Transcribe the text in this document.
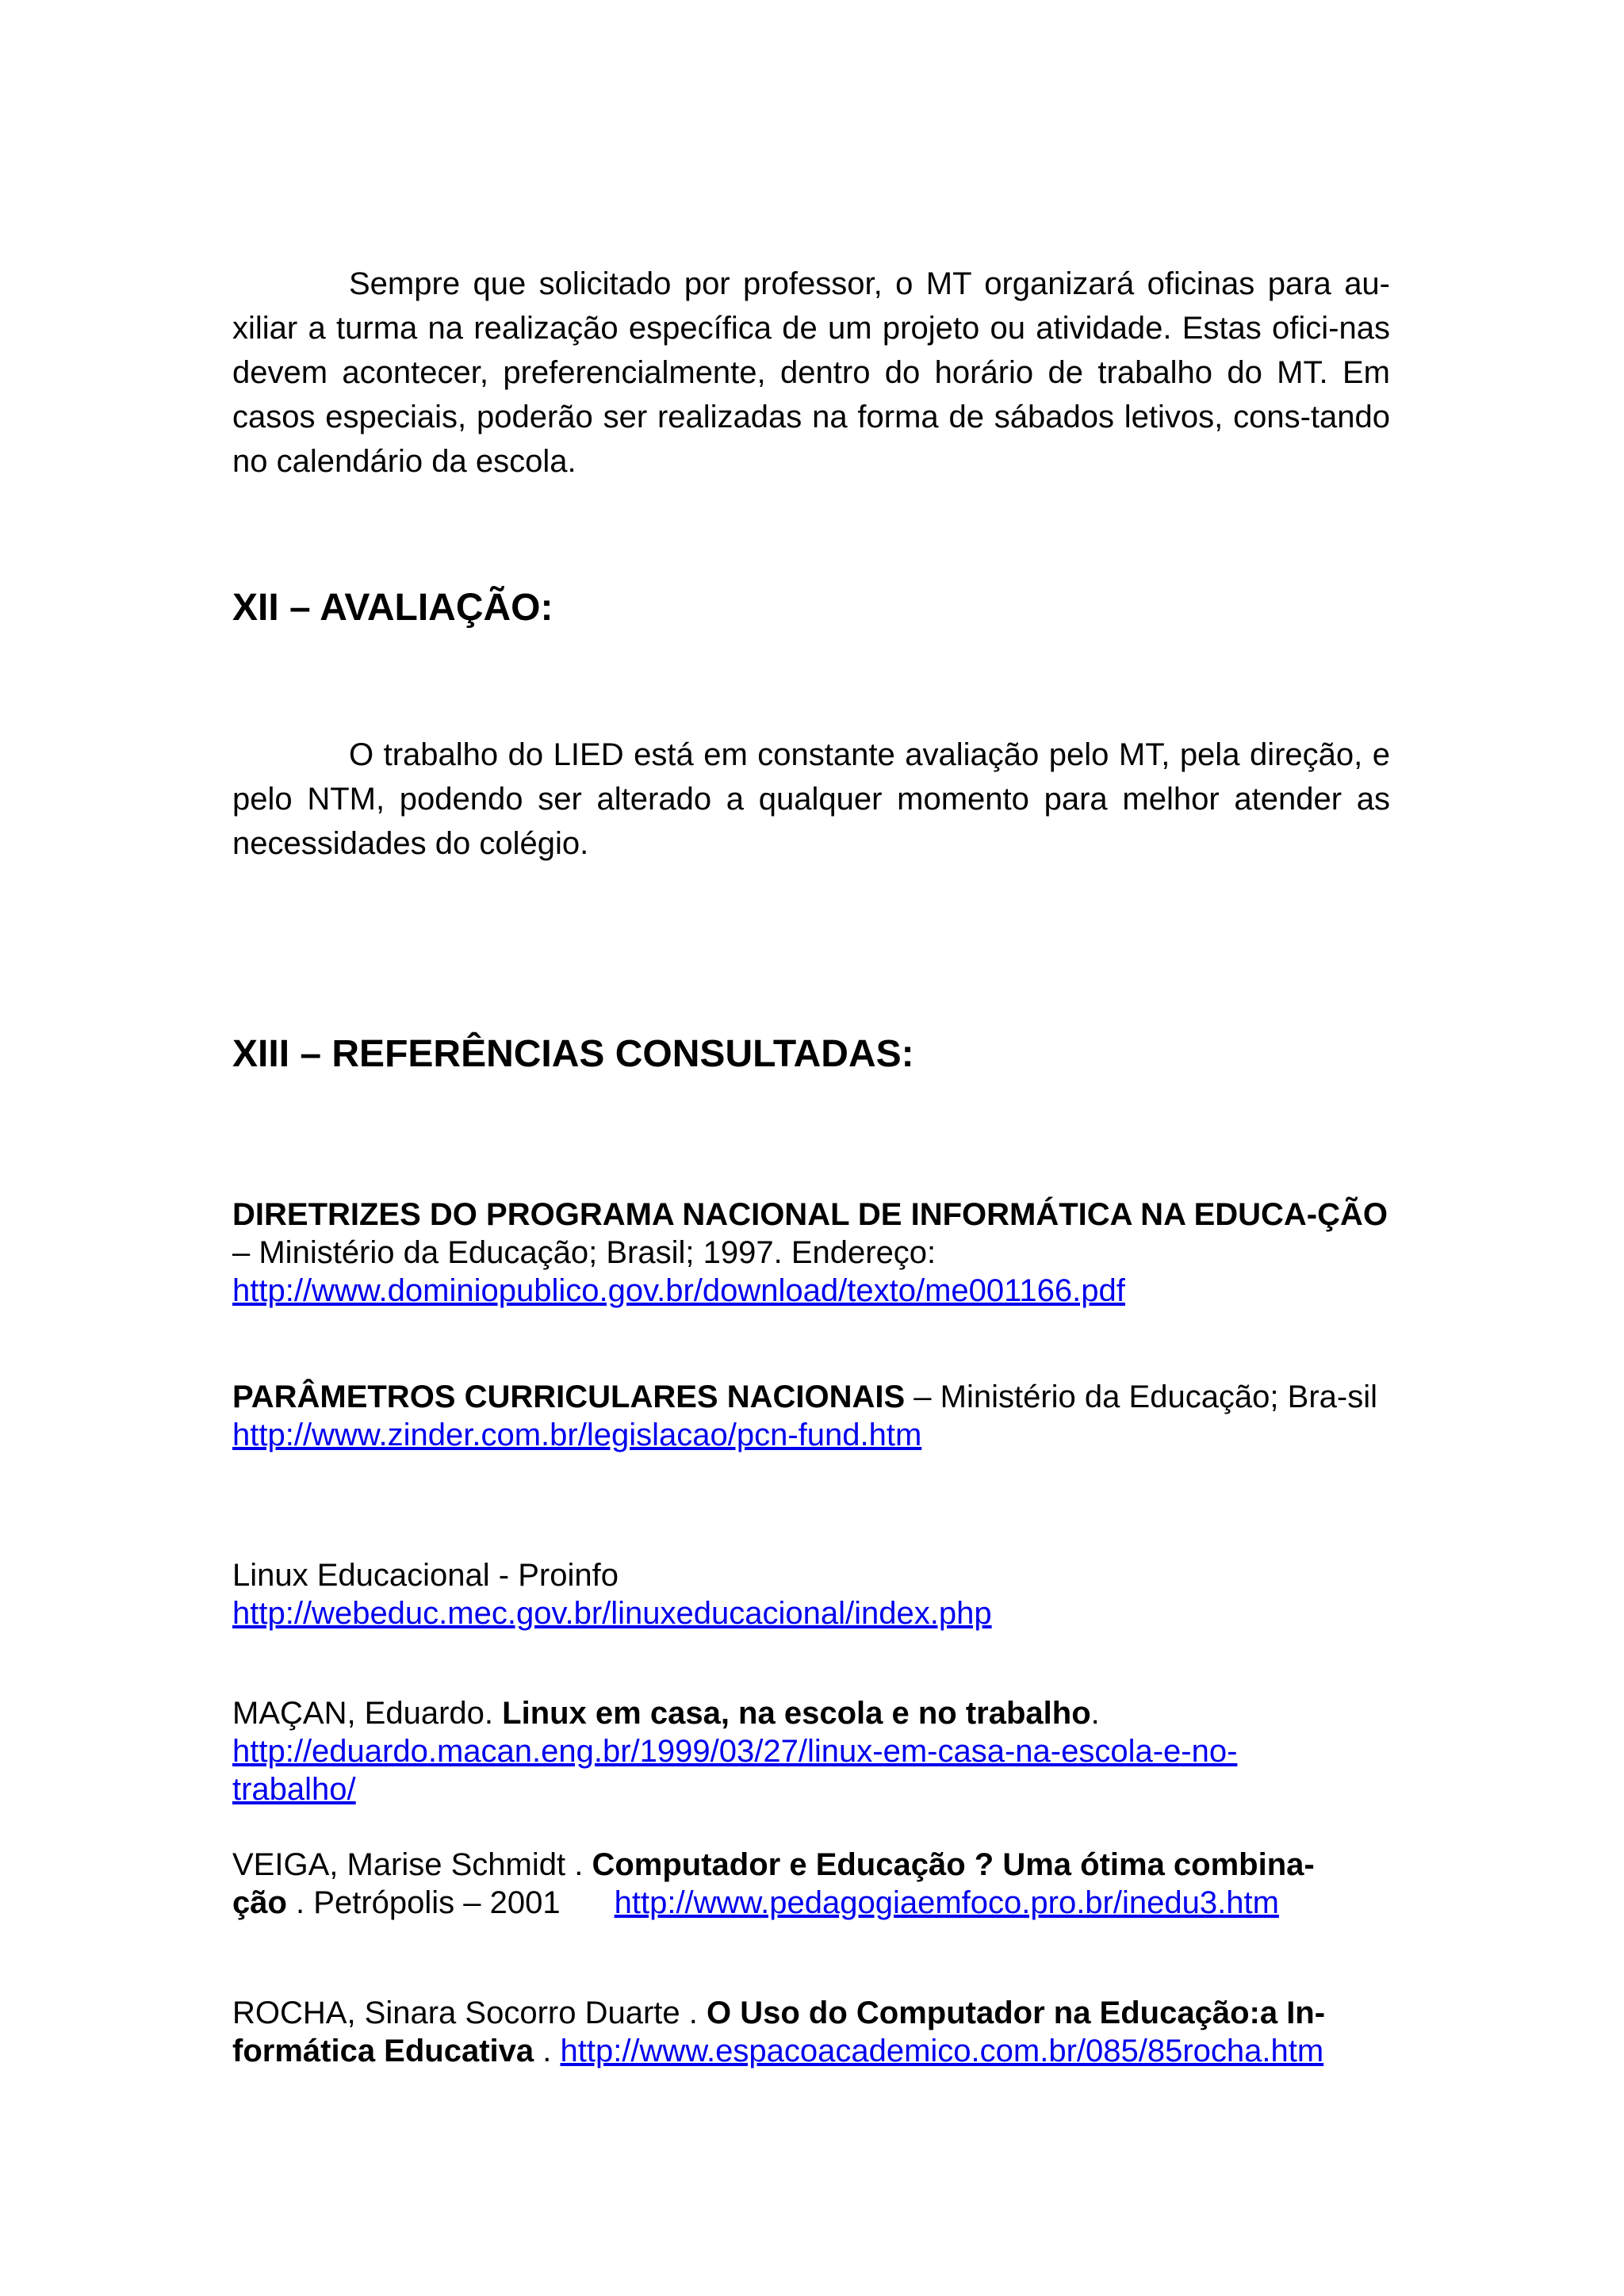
Sempre que solicitado por professor, o MT organizará oficinas para au-xiliar a turma na realização específica de um projeto ou atividade. Estas ofici-nas devem acontecer, preferencialmente, dentro do horário de trabalho do MT. Em casos especiais, poderão ser realizadas na forma de sábados letivos, cons-tando no calendário da escola.
XII – AVALIAÇÃO:
O trabalho do LIED está em constante avaliação pelo MT, pela direção, e pelo NTM, podendo ser alterado a qualquer momento para melhor atender as necessidades do colégio.
XIII – REFERÊNCIAS CONSULTADAS:
DIRETRIZES DO PROGRAMA NACIONAL DE INFORMÁTICA NA EDUCA-ÇÃO – Ministério da Educação; Brasil; 1997. Endereço:
http://www.dominiopublico.gov.br/download/texto/me001166.pdf
PARÂMETROS CURRICULARES NACIONAIS – Ministério da Educação; Bra-sil
http://www.zinder.com.br/legislacao/pcn-fund.htm
Linux Educacional - Proinfo
http://webeduc.mec.gov.br/linuxeducacional/index.php
MAÇAN, Eduardo. Linux em casa, na escola e no trabalho.
http://eduardo.macan.eng.br/1999/03/27/linux-em-casa-na-escola-e-no-
trabalho/
VEIGA, Marise Schmidt . Computador e Educação ? Uma ótima combina-
ção . Petrópolis – 2001 http://www.pedagogiaemfoco.pro.br/inedu3.htm
ROCHA, Sinara Socorro Duarte . O Uso do Computador na Educação:a In-
formática Educativa . http://www.espacoacademico.com.br/085/85rocha.htm
